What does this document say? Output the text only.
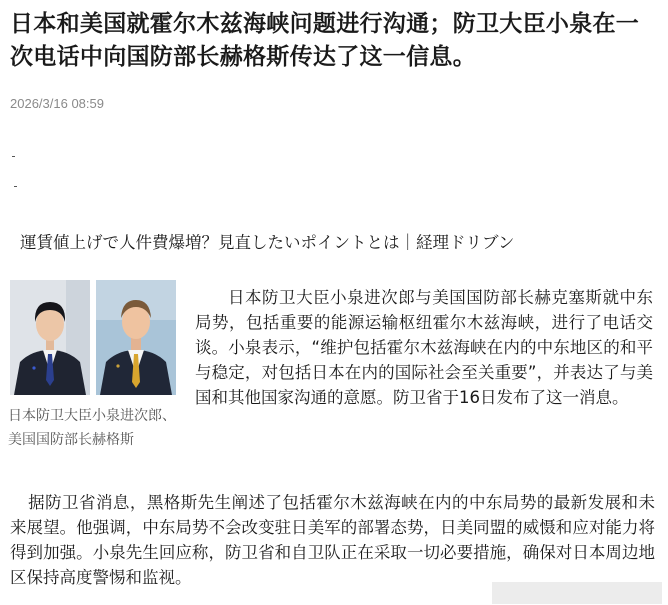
日本和美国就霍尔木兹海峡问题进行沟通；防卫大臣小泉在一次电话中向国防部长赫格斯传达了这一信息。
2026/3/16 08:59
運賃値上げで人件費爆増？見直したいポイントとは｜経理ドリブン
日本防卫大臣小泉进次郎、美国国防部长赫格斯

日本防卫大臣小泉进次郎与美国国防部长赫克塞斯就中东局势，包括重要的能源运输枢纽霍尔木兹海峡，进行了电话交谈。小泉表示，“维护包括霍尔木兹海峡在内的中东地区的和平与稳定，对包括日本在内的国际社会至关重要”，并表达了与美国和其他国家沟通的意愿。防卫省于16日发布了这一消息。

据防卫省消息，黑格斯先生阐述了包括霍尔木兹海峡在内的中东局势的最新发展和未来展望。他强调，中东局势不会改变驻日美军的部署态势，日美同盟的威慑和应对能力将得到加强。小泉先生回应称，防卫省和自卫队正在采取一切必要措施，确保对日本周边地区保持高度警惕和监视。
